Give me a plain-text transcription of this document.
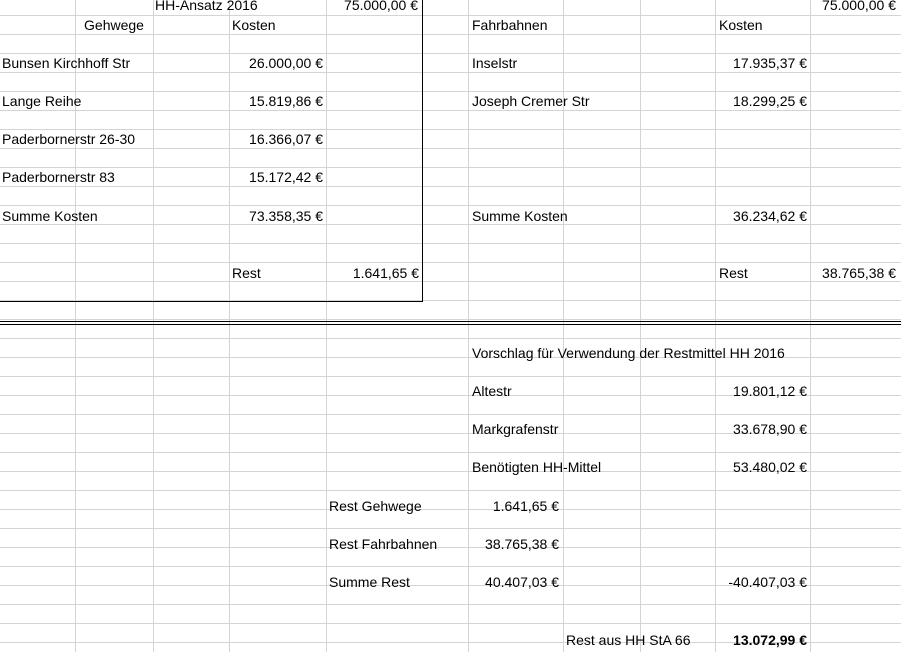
HH-Ansatz 2016	75.000,00 €
Gehwege	Kosten
Bunsen Kirchhoff Str	26.000,00 €
Lange Reihe	15.819,86 €
Paderbornerstr 26-30	16.366,07 €
Paderbornerstr 83	15.172,42 €
Summe Kosten	73.358,35 €
Rest	1.641,65 €
75.000,00 €
Fahrbahnen	Kosten
Inselstr	17.935,37 €
Joseph Cremer Str	18.299,25 €
Summe Kosten	36.234,62 €
Rest	38.765,38 €
Vorschlag für Verwendung der Restmittel HH 2016
Altestr	19.801,12 €
Markgrafenstr	33.678,90 €
Benötigten HH-Mittel	53.480,02 €
Rest Gehwege	1.641,65 €
Rest Fahrbahnen	38.765,38 €
Summe Rest	40.407,03 €	-40.407,03 €
Rest aus HH StA 66	13.072,99 €
